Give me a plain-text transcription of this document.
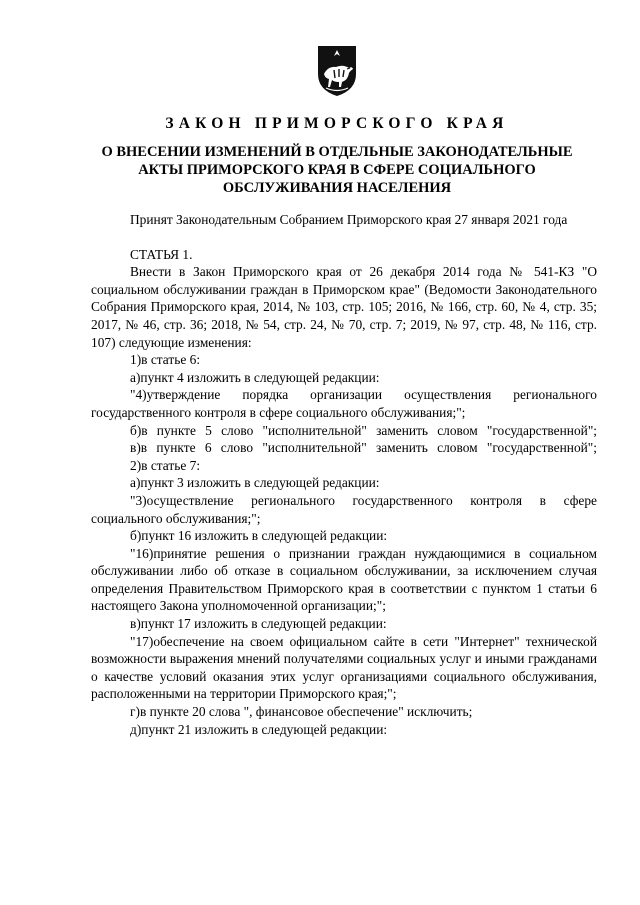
ЗАКОН ПРИМОРСКОГО КРАЯ
О ВНЕСЕНИИ ИЗМЕНЕНИЙ В ОТДЕЛЬНЫЕ ЗАКОНОДАТЕЛЬНЫЕ
АКТЫ ПРИМОРСКОГО КРАЯ В СФЕРЕ СОЦИАЛЬНОГО
ОБСЛУЖИВАНИЯ НАСЕЛЕНИЯ

Принят Законодательным Собранием Приморского края 27 января 2021 года

СТАТЬЯ 1.

Внести в Закон Приморского края от 26 декабря 2014 года № 541-КЗ "О социальном обслуживании граждан в Приморском крае" (Ведомости Законодательного Собрания Приморского края, 2014, № 103, стр. 105; 2016, № 166, стр. 60, № 4, стр. 35; 2017, № 46, стр. 36; 2018, № 54, стр. 24, № 70, стр. 7; 2019, № 97, стр. 48, № 116, стр. 107) следующие изменения:

1)в статье 6:

а)пункт 4 изложить в следующей редакции:

"4)утверждение порядка организации осуществления регионального государственного контроля в сфере социального обслуживания;";

б)в пункте 5 слово "исполнительной" заменить словом "государственной";

в)в пункте 6 слово "исполнительной" заменить словом "государственной";

2)в статье 7:

а)пункт 3 изложить в следующей редакции:

"3)осуществление регионального государственного контроля в сфере социального обслуживания;";

б)пункт 16 изложить в следующей редакции:

"16)принятие решения о признании граждан нуждающимися в социальном обслуживании либо об отказе в социальном обслуживании, за исключением случая определения Правительством Приморского края в соответствии с пунктом 1 статьи 6 настоящего Закона уполномоченной организации;";

в)пункт 17 изложить в следующей редакции:

"17)обеспечение на своем официальном сайте в сети "Интернет" технической возможности выражения мнений получателями социальных услуг и иными гражданами о качестве условий оказания этих услуг организациями социального обслуживания, расположенными на территории Приморского края;";

г)в пункте 20 слова ", финансовое обеспечение" исключить;

д)пункт 21 изложить в следующей редакции:
